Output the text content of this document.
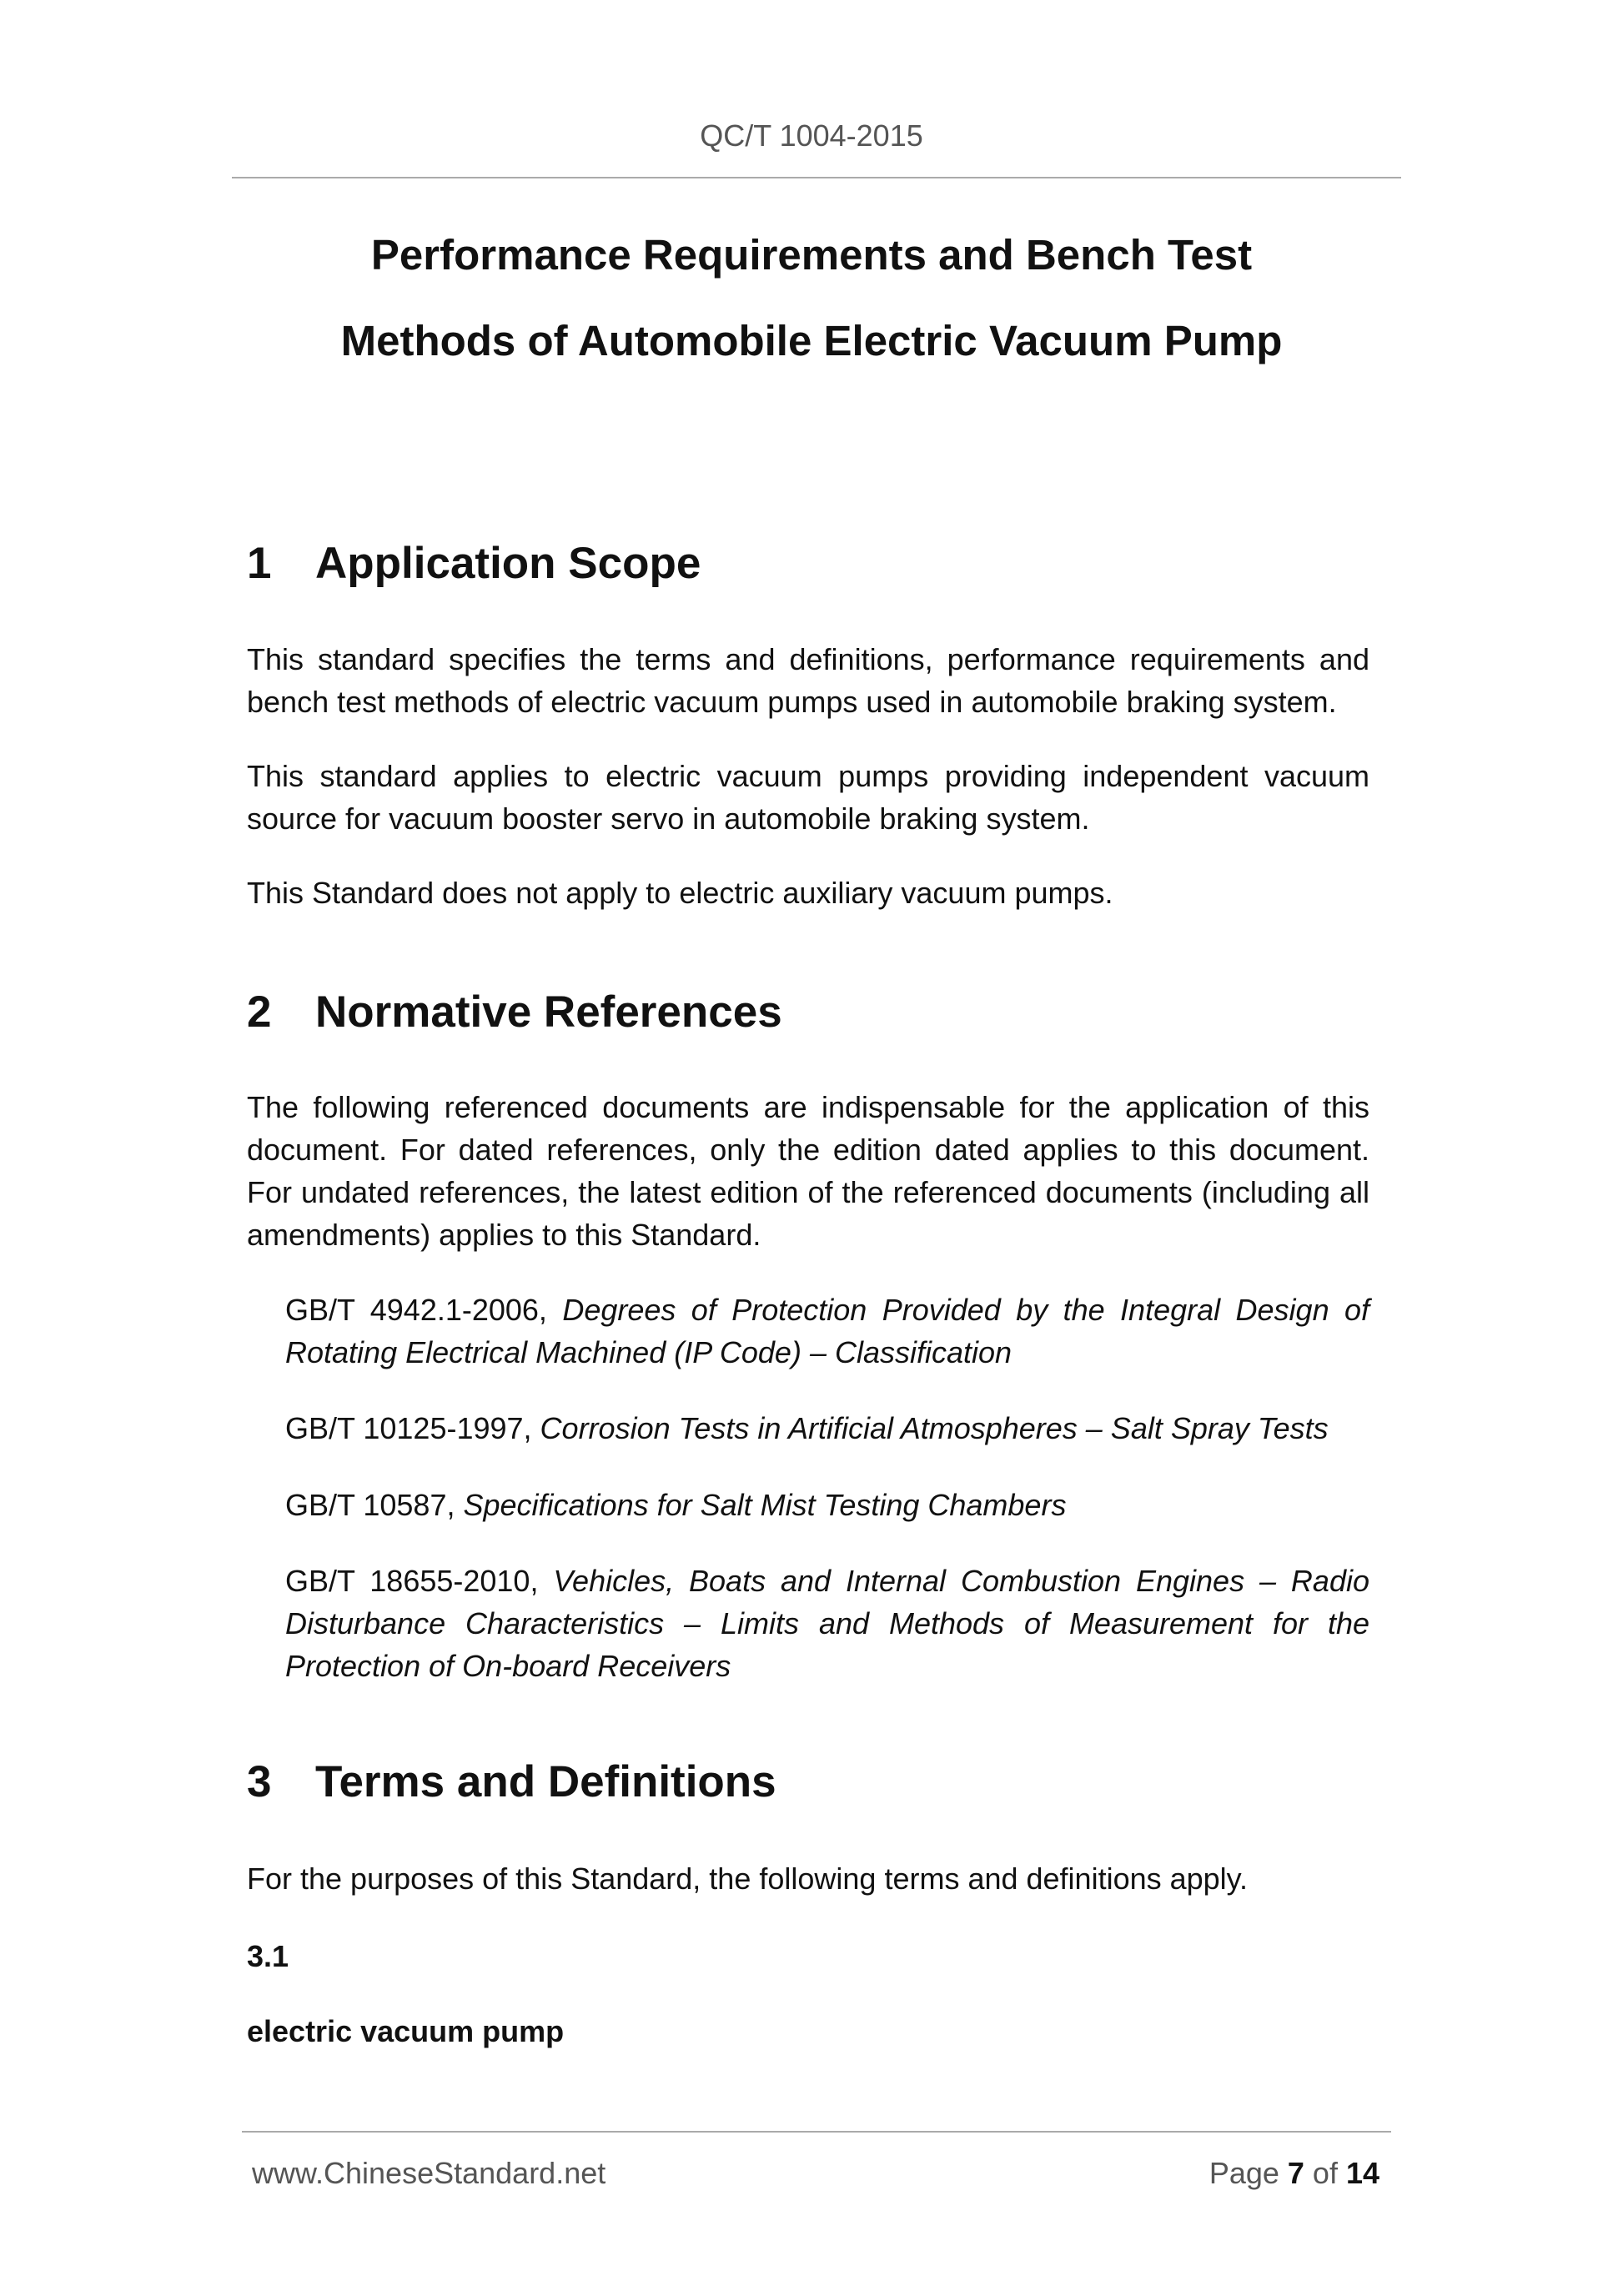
QC/T 1004-2015
Performance Requirements and Bench Test
Methods of Automobile Electric Vacuum Pump
1 Application Scope

This standard specifies the terms and definitions, performance requirements and bench test methods of electric vacuum pumps used in automobile braking system.

This standard applies to electric vacuum pumps providing independent vacuum source for vacuum booster servo in automobile braking system.

This Standard does not apply to electric auxiliary vacuum pumps.

2 Normative References

The following referenced documents are indispensable for the application of this document. For dated references, only the edition dated applies to this document. For undated references, the latest edition of the referenced documents (including all amendments) applies to this Standard.

GB/T 4942.1-2006, Degrees of Protection Provided by the Integral Design of Rotating Electrical Machined (IP Code) – Classification

GB/T 10125-1997, Corrosion Tests in Artificial Atmospheres – Salt Spray Tests

GB/T 10587, Specifications for Salt Mist Testing Chambers

GB/T 18655-2010, Vehicles, Boats and Internal Combustion Engines – Radio Disturbance Characteristics – Limits and Methods of Measurement for the Protection of On-board Receivers

3 Terms and Definitions

For the purposes of this Standard, the following terms and definitions apply.

3.1

electric vacuum pump

www.ChineseStandard.net	Page 7 of 14
